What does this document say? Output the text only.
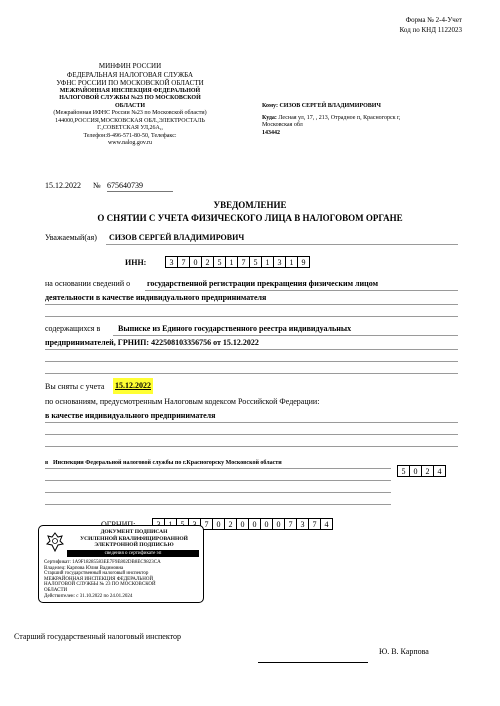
Форма № 2-4-Учет
Код по КНД 1122023
МИНФИН РОССИИ
ФЕДЕРАЛЬНАЯ НАЛОГОВАЯ СЛУЖБА
УФНС РОССИИ ПО МОСКОВСКОЙ ОБЛАСТИ
МЕЖРАЙОННАЯ ИНСПЕКЦИЯ ФЕДЕРАЛЬНОЙ
НАЛОГОВОЙ СЛУЖБЫ №23 ПО МОСКОВСКОЙ
ОБЛАСТИ
(Межрайонная ИФНС России №23 по Московской области)
144000,РОССИЯ,МОСКОВСКАЯ ОБЛ.,ЭЛЕКТРОСТАЛЬ
Г.,СОВЕТСКАЯ УЛ,26А,,
Телефон:8-496-571-80-50, Телефакс:
www.nalog.gov.ru
Кому: СИЗОВ СЕРГЕЙ ВЛАДИМИРОВИЧ
Куда: Лесная ул, 17, , 213, Отрадное п, Красногорск г,
Московская обл
143442
15.12.2022 № 675640739
УВЕДОМЛЕНИЕ
О СНЯТИИ С УЧЕТА ФИЗИЧЕСКОГО ЛИЦА В НАЛОГОВОМ ОРГАНЕ
Уважаемый(ая) СИЗОВ СЕРГЕЙ ВЛАДИМИРОВИЧ
ИНН:	3	7	0	2	5	1	7	5	1	3	1	9
на основании сведений о государственной регистрации прекращения физическим лицом
деятельности в качестве индивидуального предпринимателя
содержащихся в Выписке из Единого государственного реестра индивидуальных
предпринимателей, ГРНИП: 422508103356756 от 15.12.2022
Вы сняты с учета 15.12.2022
по основаниям, предусмотренным Налоговым кодексом Российской Федерации:
в качестве индивидуального предпринимателя
в Инспекции Федеральной налоговой службы по г.Красногорску Московской области
5	0	2	4
7	0	2	0	0	0	0	7	3	7	4
ДОКУМЕНТ ПОДПИСАН
УСИЛЕННОЙ КВАЛИФИЦИРОВАННОЙ
ЭЛЕКТРОННОЙ ПОДПИСЬЮ
сведения о сертификате эп
Сертификат: 1A9F18285583EE7F9E802DB8EC9823CA
Владелец: Карпова Юлия Вадимовна
Старший государственный налоговый инспектор
МЕЖРАЙОННАЯ ИНСПЕКЦИЯ ФЕДЕРАЛЬНОЙ
НАЛОГОВОЙ СЛУЖБЫ № 23 ПО МОСКОВСКОЙ
ОБЛАСТИ
Действителен: с 31.10.2022 по 24.01.2024
Старший государственный налоговый инспектор
Ю. В. Карпова
